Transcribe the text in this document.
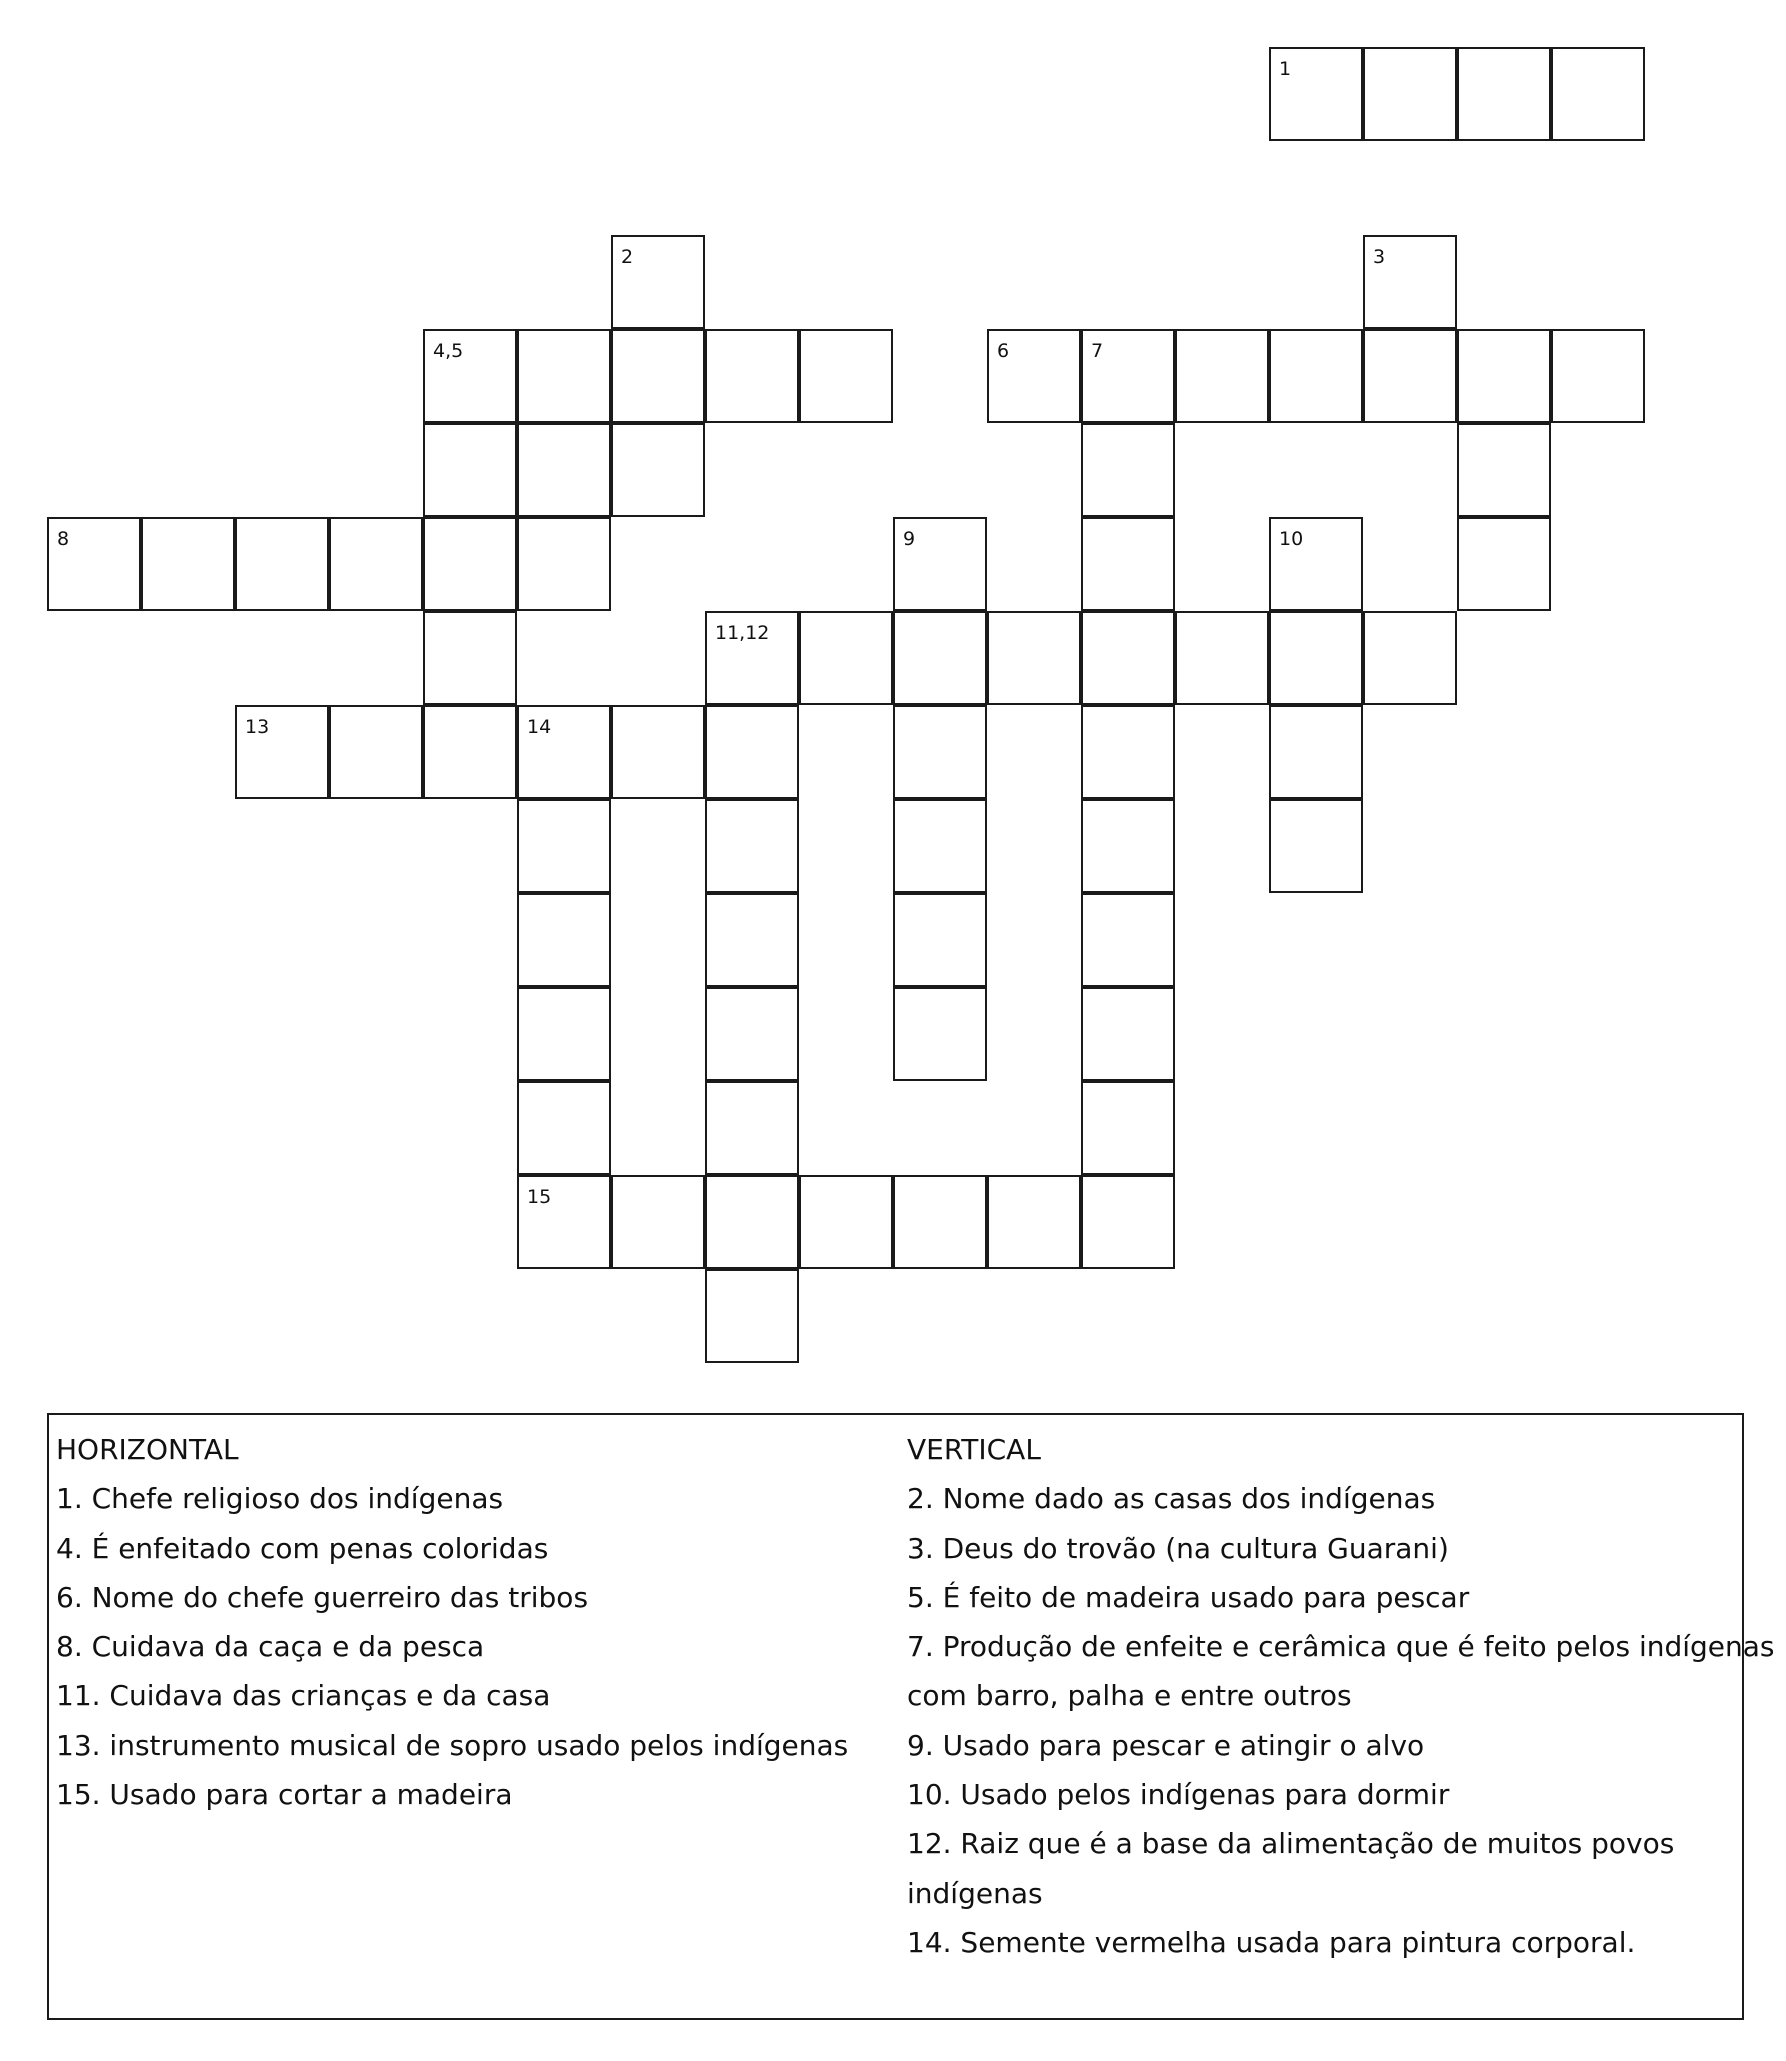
1
2	3
4,5	6	7
8	9	10
11,12
13	14
15
HORIZONTAL
1. Chefe religioso dos indígenas
4. É enfeitado com penas coloridas
6. Nome do chefe guerreiro das tribos
8. Cuidava da caça e da pesca
11. Cuidava das crianças e da casa
13. instrumento musical de sopro usado pelos indígenas
15. Usado para cortar a madeira
VERTICAL
2. Nome dado as casas dos indígenas
3. Deus do trovão (na cultura Guarani)
5. É feito de madeira usado para pescar
7. Produção de enfeite e cerâmica que é feito pelos indígenas
com barro, palha e entre outros
9. Usado para pescar e atingir o alvo
10. Usado pelos indígenas para dormir
12. Raiz que é a base da alimentação de muitos povos
indígenas
14. Semente vermelha usada para pintura corporal.
